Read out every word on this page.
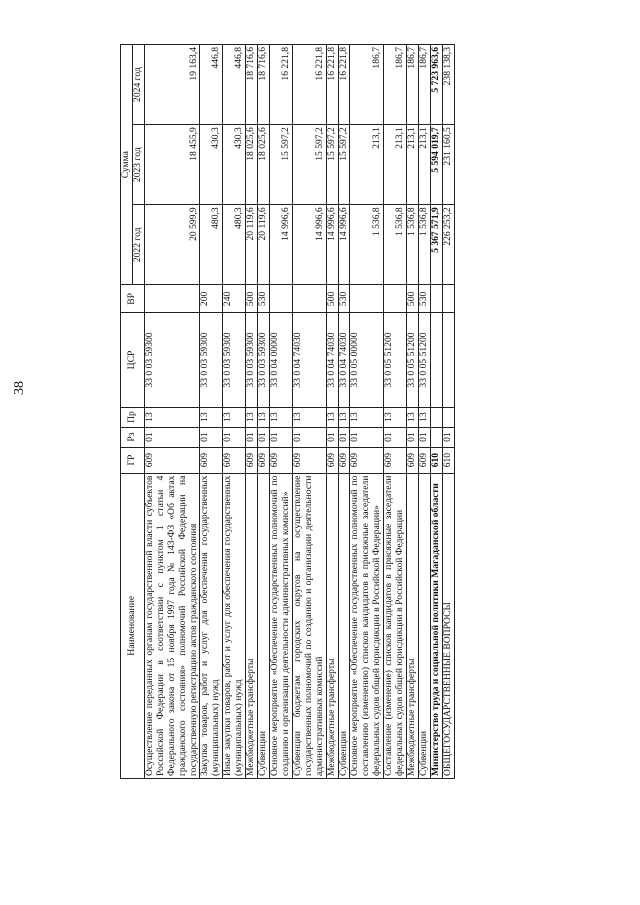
38
Наименование	ГР	Рз	Пр	ЦСР	ВР	Сумма		
						2022 год	2023 год	2024 год
Осуществление переданных органам государственной власти субъектов Российской Федерации в соответствии с пунктом 1 статьи 4 Федерального закона от 15 ноября 1997 года № 143-ФЗ «Об актах гражданского состояния» полномочий Российской Федерации на государственную регистрацию актов гражданского состояния	609	01	13	33 0 03 59300		20 599,9	18 455,9	19 163,4
Закупка товаров, работ и услуг для обеспечения государственных (муниципальных) нужд	609	01	13	33 0 03 59300	200	480,3	430,3	446,8
Иные закупки товаров, работ и услуг для обеспечения государственных (муниципальных) нужд	609	01	13	33 0 03 59300	240	480,3	430,3	446,8
Межбюджетные трансферты	609	01	13	33 0 03 59300	500	20 119,6	18 025,6	18 716,6
Субвенции	609	01	13	33 0 03 59300	530	20 119,6	18 025,6	18 716,6
Основное мероприятие «Обеспечение государственных полномочий по созданию и организации деятельности административных комиссий»	609	01	13	33 0 04 00000		14 996,6	15 597,2	16 221,8
Субвенции бюджетам городских округов на осуществление государственных полномочий по созданию и организации деятельности административных комиссий	609	01	13	33 0 04 74030		14 996,6	15 597,2	16 221,8
Межбюджетные трансферты	609	01	13	33 0 04 74030	500	14 996,6	15 597,2	16 221,8
Субвенции	609	01	13	33 0 04 74030	530	14 996,6	15 597,2	16 221,8
Основное мероприятие «Обеспечение государственных полномочий по составлению (изменению) списков кандидатов в присяжные заседатели федеральных судов общей юрисдикции в Российской Федерации»	609	01	13	33 0 05 00000		1 536,8	213,1	186,7
Составление (изменение) списков кандидатов в присяжные заседатели федеральных судов общей юрисдикции в Российской Федерации	609	01	13	33 0 05 51200		1 536,8	213,1	186,7
Межбюджетные трансферты	609	01	13	33 0 05 51200	500	1 536,8	213,1	186,7
Субвенции	609	01	13	33 0 05 51200	530	1 536,8	213,1	186,7
Министерство труда и социальной политики Магаданской области	610					5 367 571,9	5 594 019,7	5 723 963,6
ОБЩЕГОСУДАРСТВЕННЫЕ ВОПРОСЫ	610	01				226 253,2	231 160,5	238 138,3
